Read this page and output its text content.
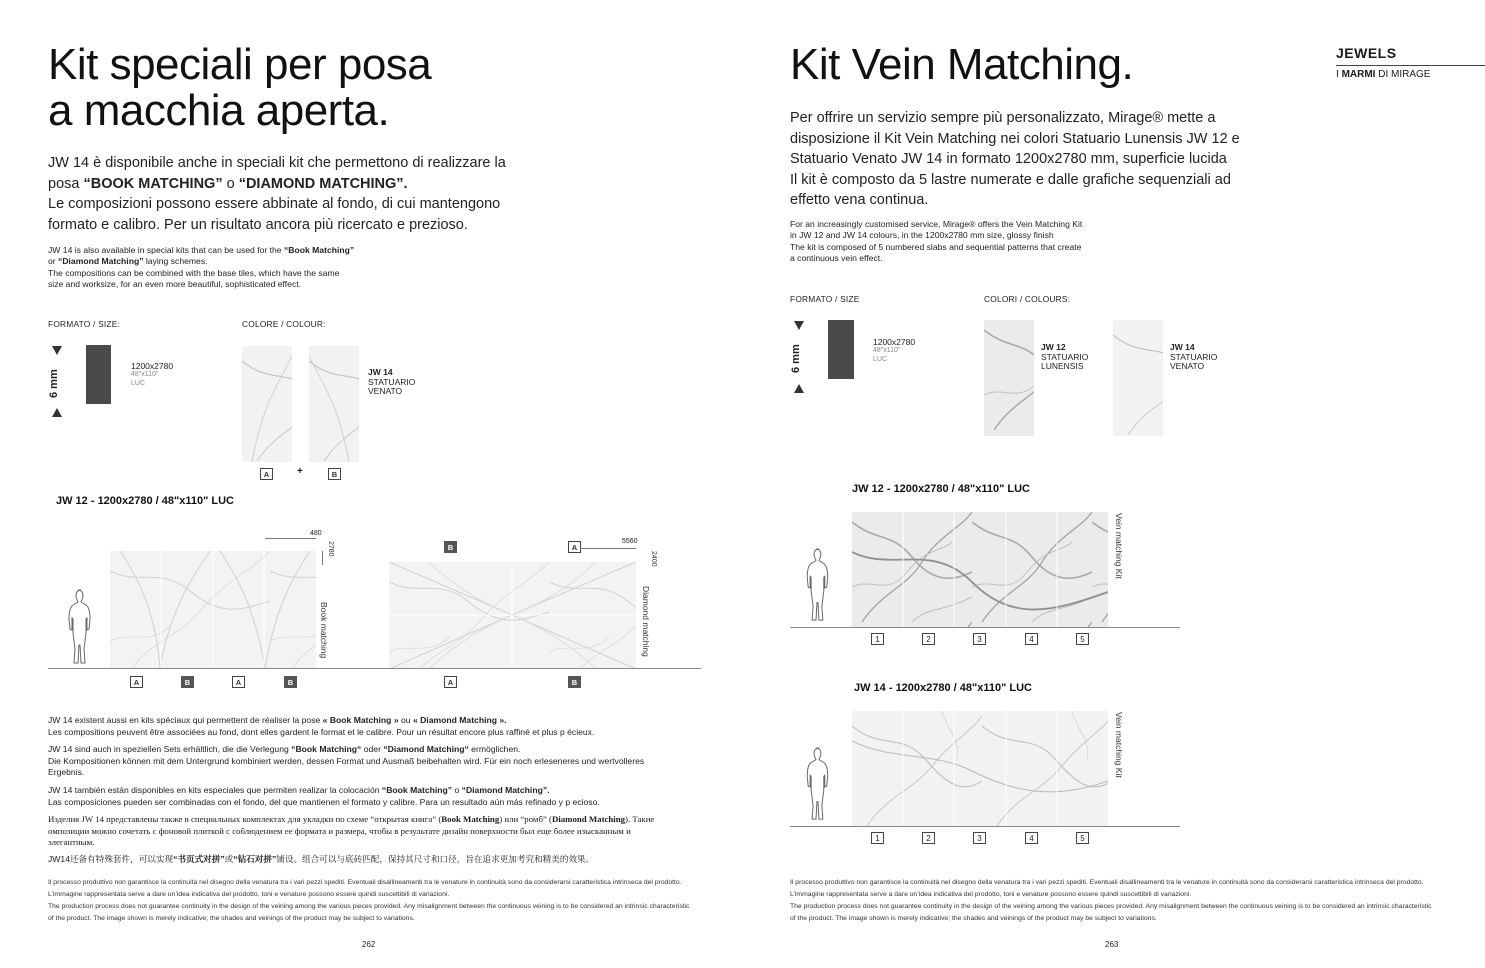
Kit speciali per posa
a macchia aperta.
JW 14 è disponibile anche in speciali kit che permettono di realizzare la
posa “BOOK MATCHING” o “DIAMOND MATCHING”.
Le composizioni possono essere abbinate al fondo, di cui mantengono
formato e calibro. Per un risultato ancora più ricercato e prezioso.
JW 14 is also available in special kits that can be used for the “Book Matching”
or “Diamond Matching” laying schemes.
The compositions can be combined with the base tiles, which have the same
size and worksize, for an even more beautiful, sophisticated effect.
FORMATO / SIZE:
6 mm
1200x2780
48"x110"
LUC
COLORE / COLOUR:
JW 14
STATUARIO
VENATO
A	+	B
JW 12 - 1200x2780 / 48"x110" LUC
480
2780
Book matching
B	A
5560
2400
Diamond matching
A	B	A	B	A	B
JW 14 existent aussi en kits spéciaux qui permettent de réaliser la pose « Book Matching » ou « Diamond Matching ».
Les compositions peuvent être associées au fond, dont elles gardent le format et le calibre. Pour un résultat encore plus raffiné et plus p écieux.
JW 14 sind auch in speziellen Sets erhältlich, die die Verlegung “Book Matching“ oder “Diamond Matching“ ermöglichen.
Die Kompositionen können mit dem Untergrund kombiniert werden, dessen Format und Ausmaß beibehalten wird. Für ein noch erleseneres und wertvolleres
Ergebnis.
JW 14 también están disponibles en kits especiales que permiten realizar la colocación “Book Matching” o “Diamond Matching”.
Las composiciones pueden ser combinadas con el fondo, del que mantienen el formato y calibre. Para un resultado aún más refinado y p ecioso.
Изделия JW 14 представлены также в специальных комплектах для укладки по схеме “открытая книга” (Book Matching) или “ромб” (Diamond Matching). Такие
омпозиции можно сочетать с фоновой плиткой с соблюдением ее формата и размера, чтобы в результате дизайн поверхности был еще более изысканным и
элегантным.
JW14还备有特殊套件，可以实现“书页式对拼”或“钻石对拼”铺设。组合可以与底砖匹配，保持其尺寸和口径，旨在追求更加考究和精美的效果。
Il processo produttivo non garantisce la continuità nel disegno della venatura tra i vari pezzi spediti. Eventuali disallineamenti tra le venature in continuità sono da considerarsi caratteristica intrinseca del prodotto.
L’immagine rappresentata serve a dare un’idea indicativa del prodotto, toni e venature possono essere quindi suscettibili di variazioni.
The production process does not guarantee continuity in the design of the veining among the various pieces provided. Any misalignment between the continuous veining is to be considered an intrinsic characteristic
of the product. The image shown is merely indicative; the shades and veinings of the product may be subject to variations.
262
Kit Vein Matching.	JEWELS
I MARMI DI MIRAGE
Per offrire un servizio sempre più personalizzato, Mirage® mette a
disposizione il Kit Vein Matching nei colori Statuario Lunensis JW 12 e
Statuario Venato JW 14 in formato 1200x2780 mm, superficie lucida
Il kit è composto da 5 lastre numerate e dalle grafiche sequenziali ad
effetto vena continua.
For an increasingly customised service, Mirage® offers the Vein Matching Kit
in JW 12 and JW 14 colours, in the 1200x2780 mm size, glossy finish
The kit is composed of 5 numbered slabs and sequential patterns that create
a continuous vein effect.
FORMATO / SIZE
6 mm
1200x2780
48"x110"
LUC
COLORI / COLOURS:
JW 12
STATUARIO
LUNENSIS
JW 14
STATUARIO
VENATO
JW 12 - 1200x2780 / 48"x110" LUC
Vein matching Kit
1	2	3	4	5
JW 14 - 1200x2780 / 48"x110" LUC
Vein matching Kit
1	2	3	4	5
Il processo produttivo non garantisce la continuità nel disegno della venatura tra i vari pezzi spediti. Eventuali disallineamenti tra le venature in continuità sono da considerarsi caratteristica intrinseca del prodotto.
L’immagine rappresentata serve a dare un’idea indicativa del prodotto, toni e venature possono essere quindi suscettibili di variazioni.
The production process does not guarantee continuity in the design of the veining among the various pieces provided. Any misalignment between the continuous veining is to be considered an intrinsic characteristic
of the product. The image shown is merely indicative; the shades and veinings of the product may be subject to variations.
263
